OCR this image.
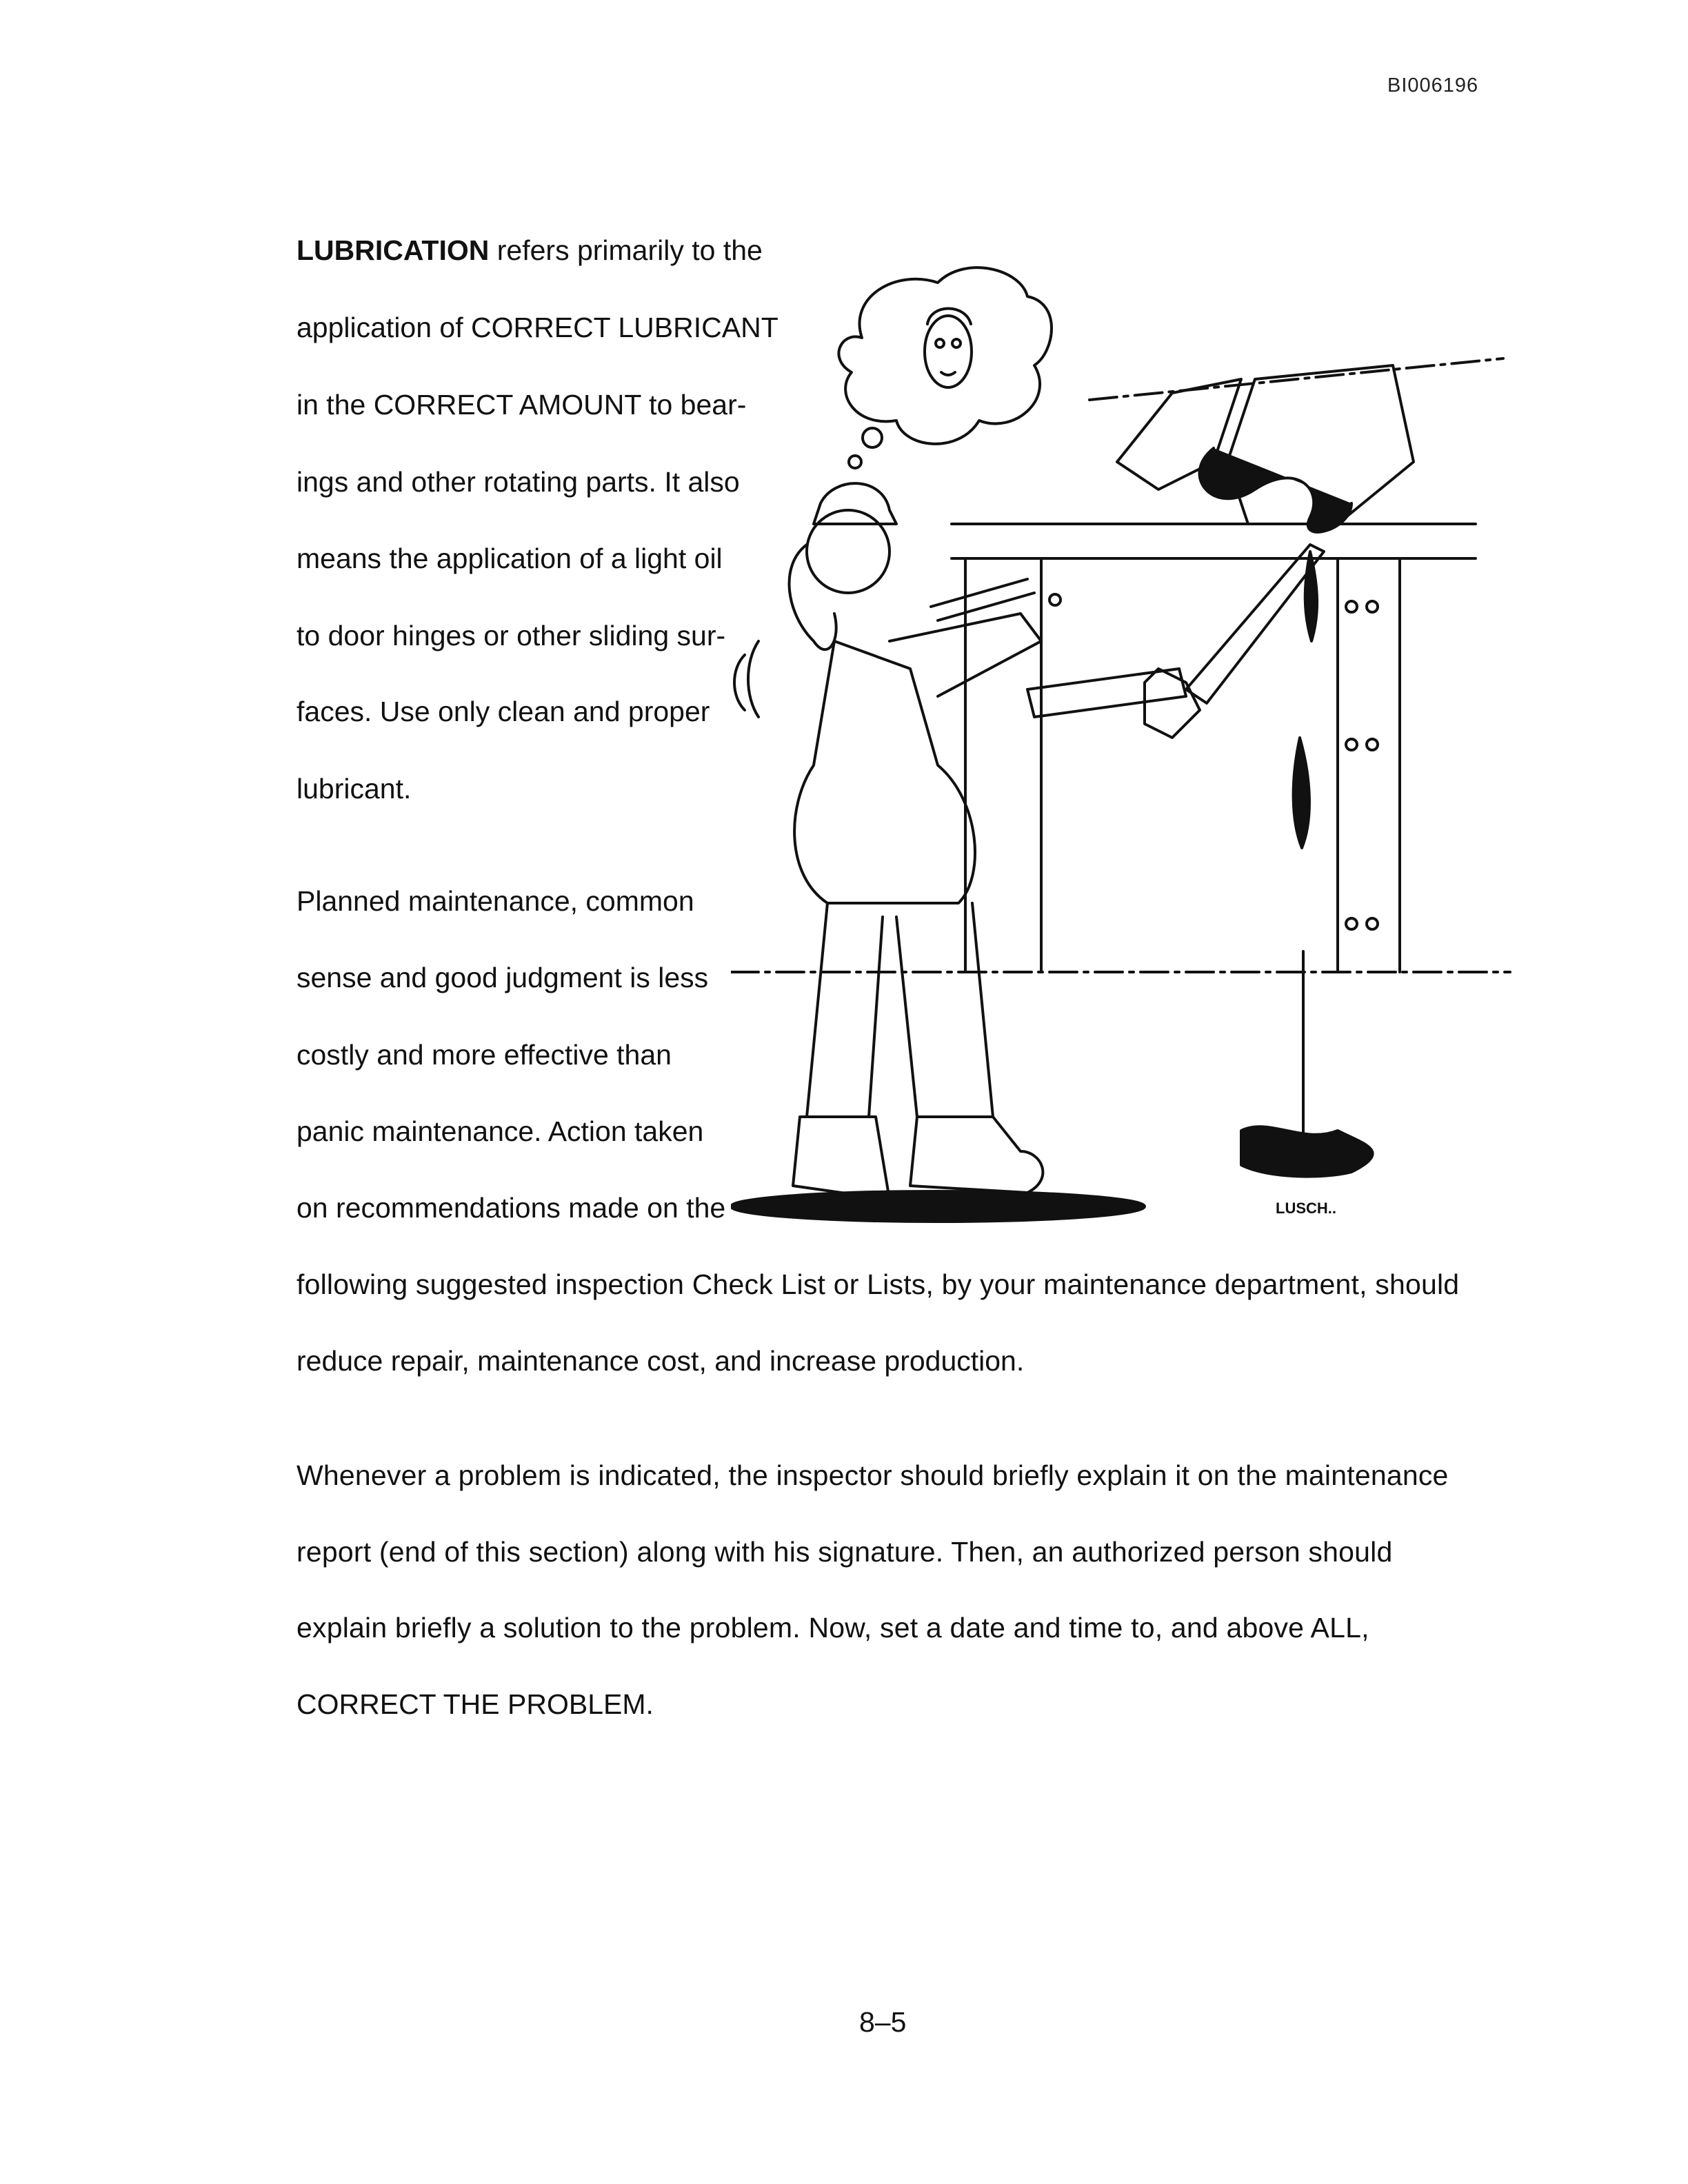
BI006196
LUBRICATION refers primarily to the
application of CORRECT LUBRICANT
in the CORRECT AMOUNT to bear-
ings and other rotating parts. It also
means the application of a light oil
to door hinges or other sliding sur-
faces. Use only clean and proper
lubricant.
Planned maintenance, common
sense and good judgment is less
costly and more effective than
panic maintenance. Action taken
on recommendations made on the
following suggested inspection Check List or Lists, by your maintenance department, should
reduce repair, maintenance cost, and increase production.
Whenever a problem is indicated, the inspector should briefly explain it on the maintenance
report (end of this section) along with his signature. Then, an authorized person should
explain briefly a solution to the problem. Now, set a date and time to, and above ALL,
CORRECT THE PROBLEM.
LUSCH..
8–5
